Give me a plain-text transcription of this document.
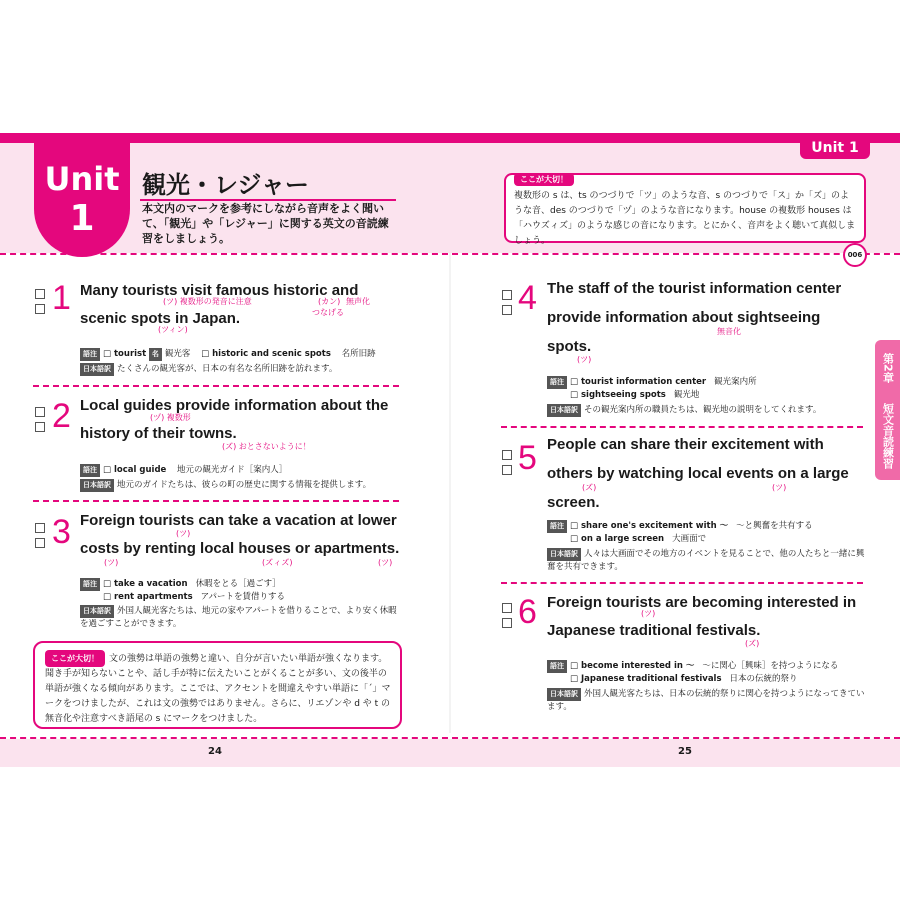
Unit 1
Unit
1
観光・レジャー
本文内のマークを参考にしながら音声をよく聞いて、「観光」や「レジャー」に関する英文の音読練習をしましょう。
ここが大切！
複数形の s は、ts のつづりで「ツ」のような音、s のつづりで「ス」か「ズ」のような音、des のつづりで「ヅ」のような音になります。house の複数形 houses は「ハウズィズ」のような感じの音になります。とにかく、音声をよく聴いて真似しましょう。
006
1 Many tourists visit famous historic and
scenic spots in Japan.
(ツ) 複数形の発音に注意	(カン) 無声化
つなげる
(ツィン)
語注 □ tourist 名 観光客 □ historic and scenic spots 名所旧跡
日本語訳 たくさんの観光客が、日本の有名な名所旧跡を訪れます。
2 Local guides provide information about the
history of their towns.
(ヅ) 複数形
(ズ) おとさないように！
語注 □ local guide 地元の観光ガイド［案内人］
日本語訳 地元のガイドたちは、彼らの町の歴史に関する情報を提供します。
3 Foreign tourists can take a vacation at lower
costs by renting local houses or apartments.
(ツ)
(ツ)	(ズィズ)	(ツ)
語注 □ take a vacation 休暇をとる［過ごす］
□ rent apartments アパートを賃借りする
日本語訳 外国人観光客たちは、地元の家やアパートを借りることで、より安く休暇を過ごすことができます。
ここが大切！ 文の強勢は単語の強勢と違い、自分が言いたい単語が強くなります。聞き手が知らないことや、話し手が特に伝えたいことがくることが多い、文の後半の単語が強くなる傾向があります。ここでは、アクセントを間違えやすい単語に「ˊ」マークをつけましたが、これは文の強勢ではありません。さらに、リエゾンや d や t の無音化や注意すべき語尾の s にマークをつけました。
4 The staff of the tourist information center
provide information about sightseeing
spots.
無音化
(ツ)
語注 □ tourist information center 観光案内所
□ sightseeing spots 観光地
日本語訳 その観光案内所の職員たちは、観光地の説明をしてくれます。
5 People can share their excitement with
others by watching local events on a large
screen.
(ズ)	(ツ)
語注 □ share one's excitement with ～ ～と興奮を共有する
□ on a large screen 大画面で
日本語訳 人々は大画面でその地方のイベントを見ることで、他の人たちと一緒に興奮を共有できます。
6 Foreign tourists are becoming interested in
Japanese traditional festivals.
(ツ)
(ズ)
語注 □ become interested in ～ ～に関心［興味］を持つようになる
□ Japanese traditional festivals 日本の伝統的祭り
日本語訳 外国人観光客たちは、日本の伝統的祭りに関心を持つようになってきています。
第2章
短文音読練習
24	25
